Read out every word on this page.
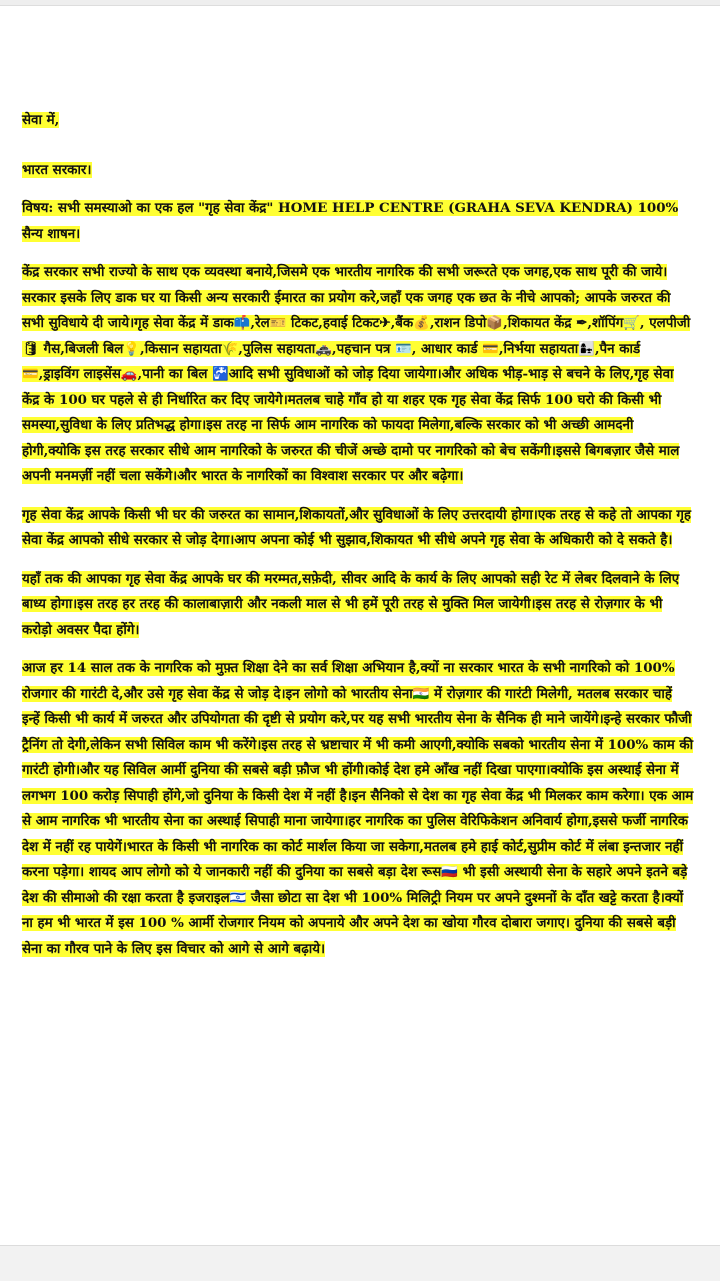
सेवा में,
भारत सरकार।
विषय: सभी समस्याओ का एक हल "गृह सेवा केंद्र" HOME HELP CENTRE (GRAHA SEVA KENDRA) 100% सैन्य शाषन।
केंद्र सरकार सभी राज्यो के साथ एक व्यवस्था बनाये,जिसमे एक भारतीय नागरिक की सभी जरूरते एक जगह,एक साथ पूरी की जाये।सरकार इसके लिए डाक घर या किसी अन्य सरकारी ईमारत का प्रयोग करे,जहाँ एक जगह एक छत के नीचे आपको; आपके जरुरत की सभी सुविधाये दी जाये।गृह सेवा केंद्र में डाक📫,रेल🎫 टिकट,हवाई टिकट✈,बैंक💰,राशन डिपो📦,शिकायत केंद्र ✒,शॉपिंग🛒, एलपीजी🛢 गैस,बिजली बिल💡,किसान सहायता🌾,पुलिस सहायता🚓,पहचान पत्र 🪪, आधार कार्ड 💳,निर्भया सहायता👩‍👧,पैन कार्ड💳,ड्राइविंग लाइसेंस🚗,पानी का बिल 🚰आदि सभी सुविधाओं को जोड़ दिया जायेगा।और अधिक भीड़-भाड़ से बचने के लिए,गृह सेवा केंद्र के 100 घर पहले से ही निर्धारित कर दिए जायेगे।मतलब चाहे गाँव हो या शहर एक गृह सेवा केंद्र सिर्फ 100 घरो की किसी भी समस्या,सुविधा के लिए प्रतिभद्ध होगा।इस तरह ना सिर्फ आम नागरिक को फायदा मिलेगा,बल्कि सरकार को भी अच्छी आमदनी होगी,क्योकि इस तरह सरकार सीधे आम नागरिको के जरुरत की चीजें अच्छे दामो पर नागरिको को बेच सकेंगी।इससे बिगबज़ार जैसे माल अपनी मनमर्ज़ी नहीं चला सकेंगे।और भारत के नागरिकों का विश्वाश सरकार पर और बढ़ेगा।
गृह सेवा केंद्र आपके किसी भी घर की जरुरत का सामान,शिकायतों,और सुविधाओं के लिए उत्तरदायी होगा।एक तरह से कहे तो आपका गृह सेवा केंद्र आपको सीधे सरकार से जोड़ देगा।आप अपना कोई भी सुझाव,शिकायत भी सीधे अपने गृह सेवा के अधिकारी को दे सकते है।
यहाँ तक की आपका गृह सेवा केंद्र आपके घर की मरम्मत,सफ़ेदी, सीवर आदि के कार्य के लिए आपको सही रेट में लेबर दिलवाने के लिए बाध्य होगा।इस तरह हर तरह की कालाबाज़ारी और नकली माल से भी हमें पूरी तरह से मुक्ति मिल जायेगी।इस तरह से रोज़गार के भी करोड़ो अवसर पैदा होंगे।
आज हर 14 साल तक के नागरिक को मुफ़्त शिक्षा देने का सर्व शिक्षा अभियान है,क्यों ना सरकार भारत के सभी नागरिको को 100% रोजगार की गारंटी दे,और उसे गृह सेवा केंद्र से जोड़ दे।इन लोगो को भारतीय सेना🇮🇳 में रोज़गार की गारंटी मिलेगी, मतलब सरकार चाहें इन्हें किसी भी कार्य में जरुरत और उपियोगता की दृष्टी से प्रयोग करे,पर यह सभी भारतीय सेना के सैनिक ही माने जायेंगे।इन्हे सरकार फौजी ट्रैनिंग तो देगी,लेकिन सभी सिविल काम भी करेंगे।इस तरह से भ्रष्टाचार में भी कमी आएगी,क्योकि सबको भारतीय सेना में 100% काम की गारंटी होगी।और यह सिविल आर्मी दुनिया की सबसे बड़ी फ़ौज भी होंगी।कोई देश हमे आँख नहीं दिखा पाएगा।क्योकि इस अस्थाई सेना में लगभग 100 करोड़ सिपाही होंगे,जो दुनिया के किसी देश में नहीं है।इन सैनिको से देश का गृह सेवा केंद्र भी मिलकर काम करेगा। एक आम से आम नागरिक भी भारतीय सेना का अस्थाई सिपाही माना जायेगा।हर नागरिक का पुलिस वेरिफिकेशन अनिवार्य होगा,इससे फर्जी नागरिक देश में नहीं रह पायेगें।भारत के किसी भी नागरिक का कोर्ट मार्शल किया जा सकेगा,मतलब हमे हाई कोर्ट,सुप्रीम कोर्ट में लंबा इन्तजार नहीं करना पड़ेगा। शायद आप लोगो को ये जानकारी नहीं की दुनिया का सबसे बड़ा देश रूस🇷🇺 भी इसी अस्थायी सेना के सहारे अपने इतने बड़े देश की सीमाओ की रक्षा करता है इजराइल🇮🇱 जैसा छोटा सा देश भी 100% मिलिट्री नियम पर अपने दुश्मनों के दाँत खट्टे करता है।क्यों ना हम भी भारत में इस 100 % आर्मी रोजगार नियम को अपनाये और अपने देश का खोया गौरव दोबारा जगाए। दुनिया की सबसे बड़ी सेना का गौरव पाने के लिए इस विचार को आगे से आगे बढ़ाये।
